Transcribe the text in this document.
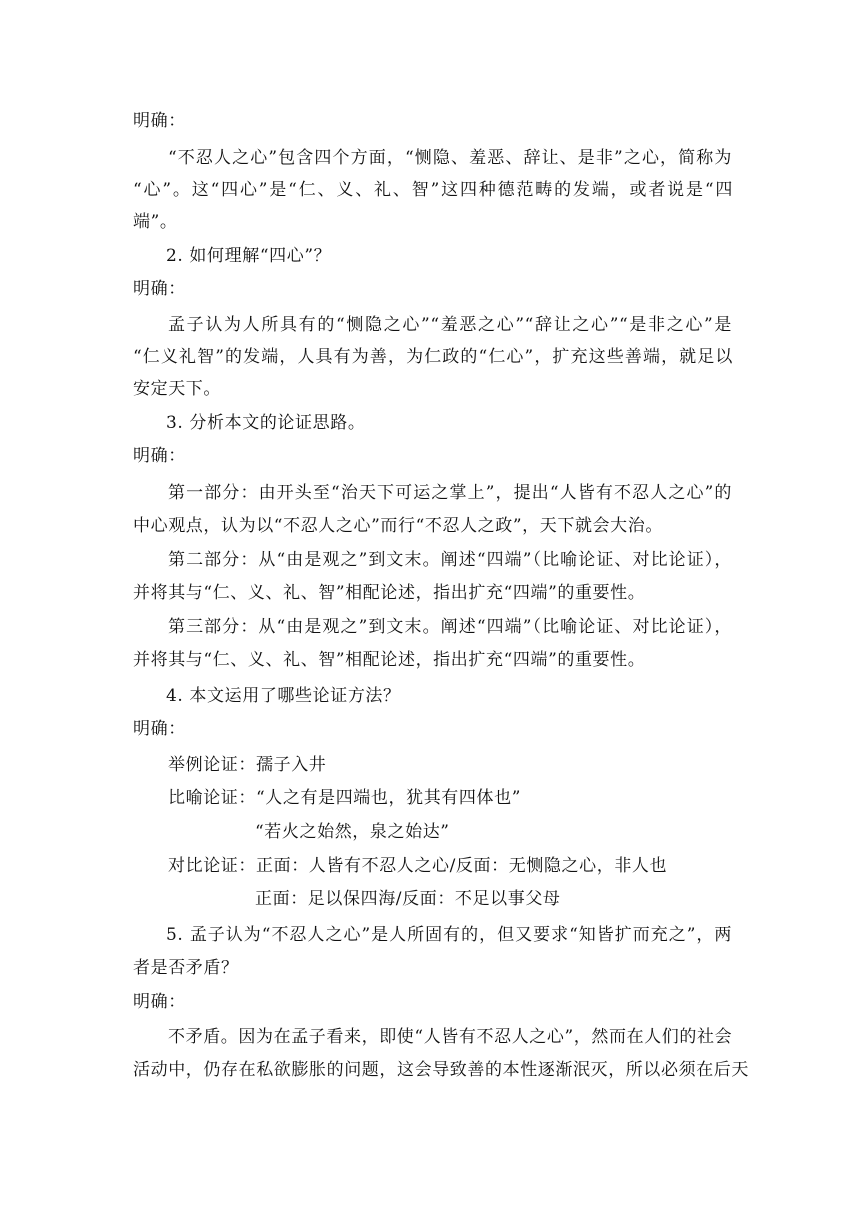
明确：
“不忍人之心”包含四个方面，“恻隐、羞恶、辞让、是非”之心，简称为
“心”。这“四心”是“仁、义、礼、智”这四种德范畴的发端，或者说是“四
端”。
2. 如何理解“四心”？
明确：
孟子认为人所具有的“恻隐之心”“羞恶之心”“辞让之心”“是非之心”是
“仁义礼智”的发端，人具有为善，为仁政的“仁心”，扩充这些善端，就足以
安定天下。
3. 分析本文的论证思路。
明确：
第一部分：由开头至“治天下可运之掌上”，提出“人皆有不忍人之心”的
中心观点，认为以“不忍人之心”而行“不忍人之政”，天下就会大治。
第二部分：从“由是观之”到文末。阐述“四端”（比喻论证、对比论证），
并将其与“仁、义、礼、智”相配论述，指出扩充“四端”的重要性。
第三部分：从“由是观之”到文末。阐述“四端”（比喻论证、对比论证），
并将其与“仁、义、礼、智”相配论述，指出扩充“四端”的重要性。
4. 本文运用了哪些论证方法？
明确：
举例论证：孺子入井
比喻论证：“人之有是四端也，犹其有四体也”
“若火之始然，泉之始达”
对比论证：正面：人皆有不忍人之心/反面：无恻隐之心，非人也
正面：足以保四海/反面：不足以事父母
5. 孟子认为“不忍人之心”是人所固有的，但又要求“知皆扩而充之”，两
者是否矛盾？
明确：
不矛盾。因为在孟子看来，即使“人皆有不忍人之心”，然而在人们的社会
活动中，仍存在私欲膨胀的问题，这会导致善的本性逐渐泯灭，所以必须在后天
